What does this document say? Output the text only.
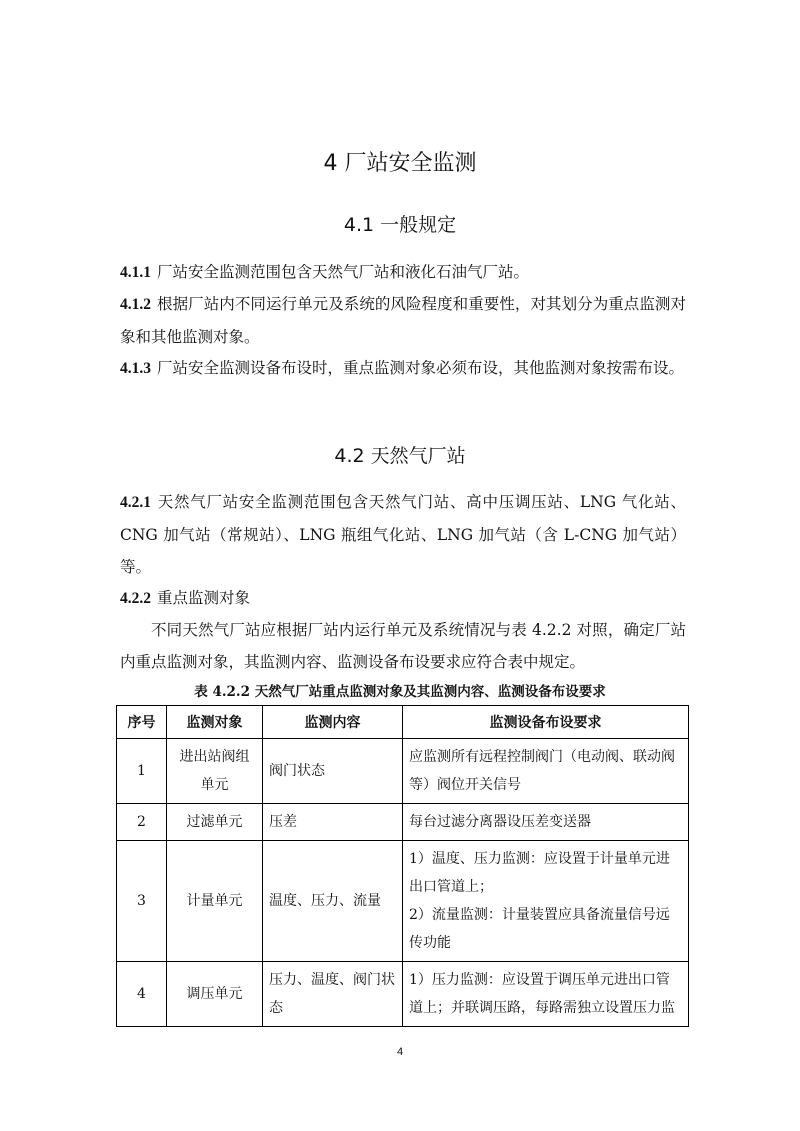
4 厂站安全监测
4.1 一般规定
4.1.1 厂站安全监测范围包含天然气厂站和液化石油气厂站。
4.1.2 根据厂站内不同运行单元及系统的风险程度和重要性，对其划分为重点监测对象和其他监测对象。
4.1.3 厂站安全监测设备布设时，重点监测对象必须布设，其他监测对象按需布设。
4.2 天然气厂站
4.2.1 天然气厂站安全监测范围包含天然气门站、高中压调压站、LNG 气化站、CNG 加气站（常规站）、LNG 瓶组气化站、LNG 加气站（含 L-CNG 加气站）等。
4.2.2 重点监测对象
不同天然气厂站应根据厂站内运行单元及系统情况与表 4.2.2 对照，确定厂站内重点监测对象，其监测内容、监测设备布设要求应符合表中规定。
表 4.2.2 天然气厂站重点监测对象及其监测内容、监测设备布设要求
序号	监测对象	监测内容	监测设备布设要求
1	进出站阀组单元	阀门状态	应监测所有远程控制阀门（电动阀、联动阀等）阀位开关信号
2	过滤单元	压差	每台过滤分离器设压差变送器
3	计量单元	温度、压力、流量	1）温度、压力监测：应设置于计量单元进出口管道上；
2）流量监测：计量装置应具备流量信号远传功能

4	调压单元	压力、温度、阀门状态	1）压力监测：应设置于调压单元进出口管道上；并联调压路，每路需独立设置压力监
4
